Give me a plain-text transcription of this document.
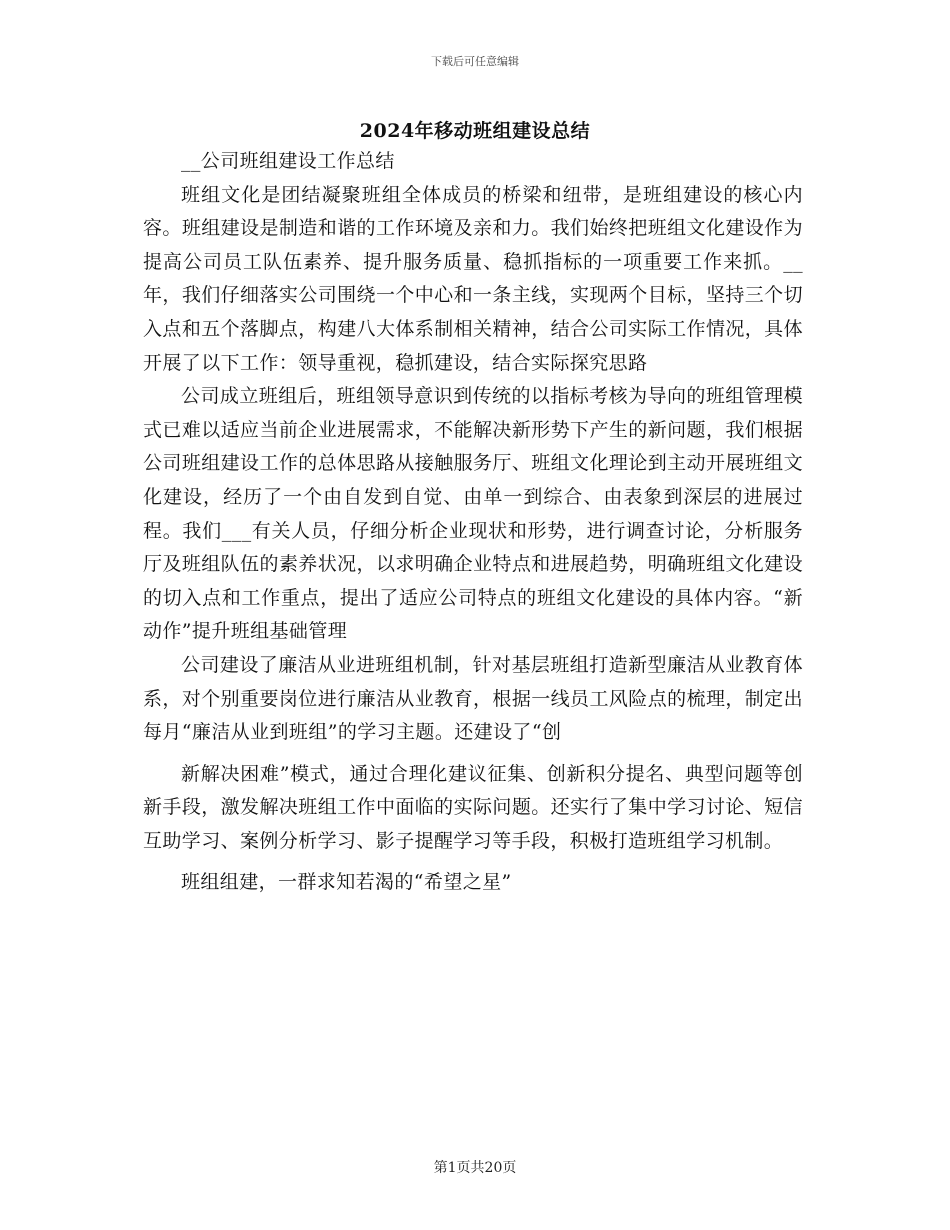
下载后可任意编辑
2024年移动班组建设总结

__公司班组建设工作总结

班组文化是团结凝聚班组全体成员的桥梁和纽带，是班组建设的核心内容。班组建设是制造和谐的工作环境及亲和力。我们始终把班组文化建设作为提高公司员工队伍素养、提升服务质量、稳抓指标的一项重要工作来抓。__年，我们仔细落实公司围绕一个中心和一条主线，实现两个目标，坚持三个切入点和五个落脚点，构建八大体系制相关精神，结合公司实际工作情况，具体开展了以下工作：领导重视，稳抓建设，结合实际探究思路

公司成立班组后，班组领导意识到传统的以指标考核为导向的班组管理模式已难以适应当前企业进展需求，不能解决新形势下产生的新问题，我们根据公司班组建设工作的总体思路从接触服务厅、班组文化理论到主动开展班组文化建设，经历了一个由自发到自觉、由单一到综合、由表象到深层的进展过程。我们___有关人员，仔细分析企业现状和形势，进行调查讨论，分析服务厅及班组队伍的素养状况，以求明确企业特点和进展趋势，明确班组文化建设的切入点和工作重点，提出了适应公司特点的班组文化建设的具体内容。“新动作”提升班组基础管理

公司建设了廉洁从业进班组机制，针对基层班组打造新型廉洁从业教育体系，对个别重要岗位进行廉洁从业教育，根据一线员工风险点的梳理，制定出每月“廉洁从业到班组”的学习主题。还建设了“创

新解决困难”模式，通过合理化建议征集、创新积分提名、典型问题等创新手段，激发解决班组工作中面临的实际问题。还实行了集中学习讨论、短信互助学习、案例分析学习、影子提醒学习等手段，积极打造班组学习机制。

班组组建，一群求知若渴的“希望之星”

第1页共20页
